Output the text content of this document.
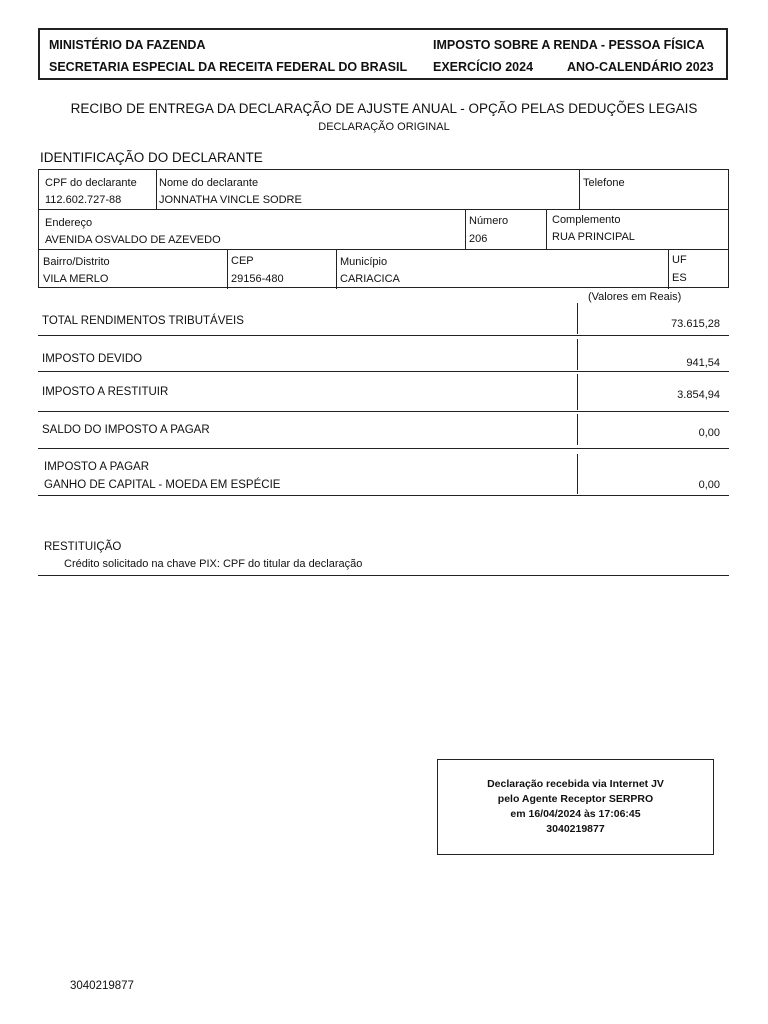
MINISTÉRIO DA FAZENDA	IMPOSTO SOBRE A RENDA - PESSOA FÍSICA
SECRETARIA ESPECIAL DA RECEITA FEDERAL DO BRASIL EXERCÍCIO 2024	ANO-CALENDÁRIO 2023
RECIBO DE ENTREGA DA DECLARAÇÃO DE AJUSTE ANUAL - OPÇÃO PELAS DEDUÇÕES LEGAIS
DECLARAÇÃO ORIGINAL
IDENTIFICAÇÃO DO DECLARANTE
CPF do declarante
112.602.727-88
Nome do declarante
JONNATHA VINCLE SODRE
Telefone
Endereço
AVENIDA OSVALDO DE AZEVEDO
Número
206
Complemento
RUA PRINCIPAL
Bairro/Distrito
VILA MERLO
CEP
29156-480
Município
CARIACICA
UF
ES
(Valores em Reais)
TOTAL RENDIMENTOS TRIBUTÁVEIS	73.615,28
IMPOSTO DEVIDO	941,54
IMPOSTO A RESTITUIR	3.854,94
SALDO DO IMPOSTO A PAGAR	0,00
IMPOSTO A PAGAR
GANHO DE CAPITAL - MOEDA EM ESPÉCIE	0,00
RESTITUIÇÃO
Crédito solicitado na chave PIX: CPF do titular da declaração
Declaração recebida via Internet JV
pelo Agente Receptor SERPRO
em 16/04/2024 às 17:06:45
3040219877
3040219877
